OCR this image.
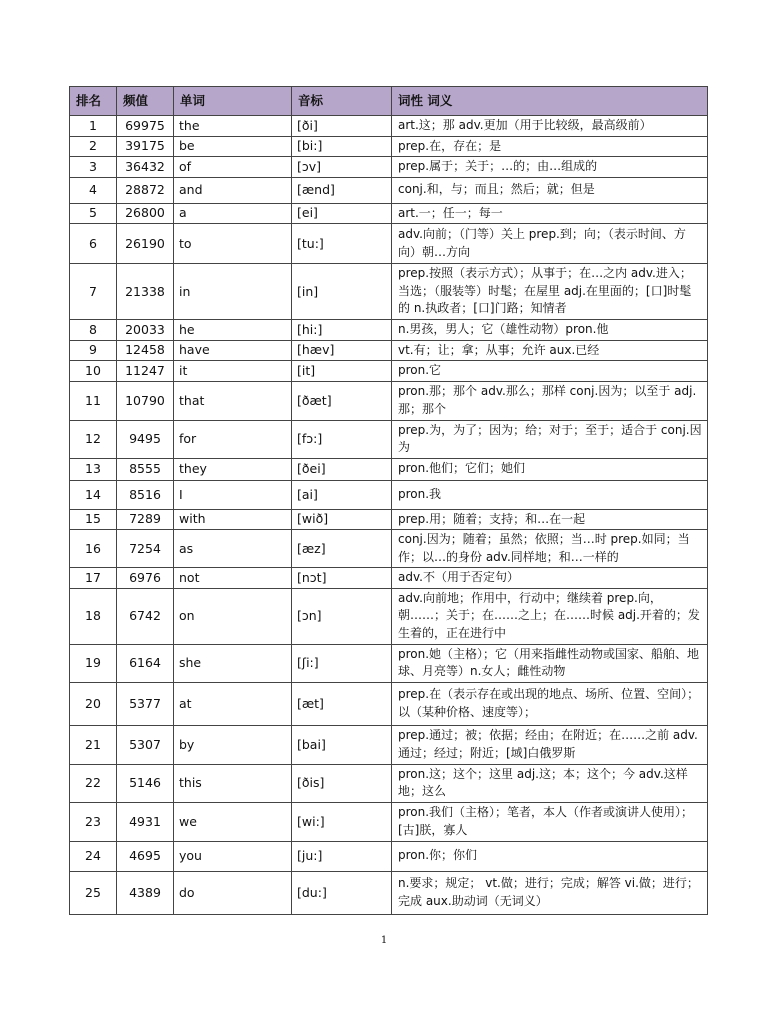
排名	频值	单词	音标	词性 词义
1	69975	the	[ði]	art.这；那 adv.更加（用于比较级，最高级前）
2	39175	be	[bi:]	prep.在，存在；是
3	36432	of	[ɔv]	prep.属于；关于；…的；由…组成的
4	28872	and	[ænd]	conj.和，与；而且；然后；就；但是
5	26800	a	[ei]	art.一；任一；每一
6	26190	to	[tu:]	adv.向前；（门等）关上 prep.到；向；（表示时间、方向）朝…方向
7	21338	in	[in]	prep.按照（表示方式）；从事于；在…之内 adv.进入；当选；（服装等）时髦；在屋里 adj.在里面的；[口]时髦的 n.执政者；[口]门路；知情者
8	20033	he	[hi:]	n.男孩，男人；它（雄性动物）pron.他
9	12458	have	[hæv]	vt.有；让；拿；从事；允许 aux.已经
10	11247	it	[it]	pron.它
11	10790	that	[ðæt]	pron.那；那个 adv.那么；那样 conj.因为；以至于 adj.那；那个
12	9495	for	[fɔ:]	prep.为，为了；因为；给；对于；至于；适合于 conj.因为
13	8555	they	[ðei]	pron.他们；它们；她们
14	8516	I	[ai]	pron.我
15	7289	with	[wið]	prep.用；随着；支持；和…在一起
16	7254	as	[æz]	conj.因为；随着；虽然；依照；当…时 prep.如同；当作；以…的身份 adv.同样地；和…一样的
17	6976	not	[nɔt]	adv.不（用于否定句）
18	6742	on	[ɔn]	adv.向前地；作用中，行动中；继续着 prep.向，朝……；关于；在……之上；在……时候 adj.开着的；发生着的，正在进行中
19	6164	she	[ʃi:]	pron.她（主格）；它（用来指雌性动物或国家、船舶、地球、月亮等）n.女人；雌性动物
20	5377	at	[æt]	prep.在（表示存在或出现的地点、场所、位置、空间）；以（某种价格、速度等）；
21	5307	by	[bai]	prep.通过；被；依据；经由；在附近；在……之前 adv.通过；经过；附近；[域]白俄罗斯
22	5146	this	[ðis]	pron.这；这个；这里 adj.这；本；这个；今 adv.这样地；这么
23	4931	we	[wi:]	pron.我们（主格）；笔者，本人（作者或演讲人使用）；[古]朕，寡人
24	4695	you	[ju:]	pron.你；你们
25	4389	do	[du:]	n.要求；规定； vt.做；进行；完成；解答 vi.做；进行；完成 aux.助动词（无词义）
1
